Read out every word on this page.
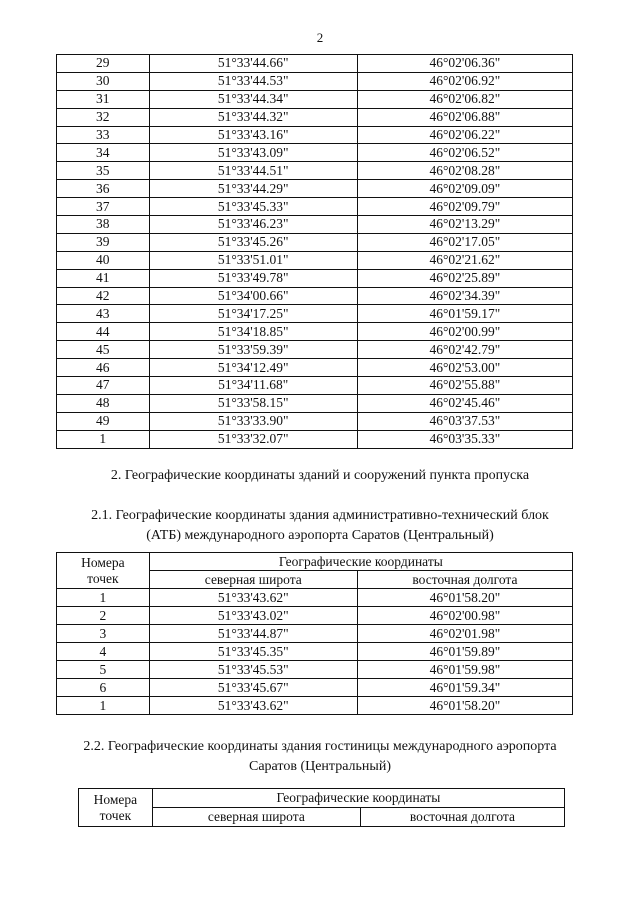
2
29	51°33'44.66"	46°02'06.36"
30	51°33'44.53"	46°02'06.92"
31	51°33'44.34"	46°02'06.82"
32	51°33'44.32"	46°02'06.88"
33	51°33'43.16"	46°02'06.22"
34	51°33'43.09"	46°02'06.52"
35	51°33'44.51"	46°02'08.28"
36	51°33'44.29"	46°02'09.09"
37	51°33'45.33"	46°02'09.79"
38	51°33'46.23"	46°02'13.29"
39	51°33'45.26"	46°02'17.05"
40	51°33'51.01"	46°02'21.62"
41	51°33'49.78"	46°02'25.89"
42	51°34'00.66"	46°02'34.39"
43	51°34'17.25"	46°01'59.17"
44	51°34'18.85"	46°02'00.99"
45	51°33'59.39"	46°02'42.79"
46	51°34'12.49"	46°02'53.00"
47	51°34'11.68"	46°02'55.88"
48	51°33'58.15"	46°02'45.46"
49	51°33'33.90"	46°03'37.53"
1	51°33'32.07"	46°03'35.33"
2. Географические координаты зданий и сооружений пункта пропуска
2.1. Географические координаты здания административно-технический блок
(АТБ) международного аэропорта Саратов (Центральный)
Номера
точек	Географические координаты	
	северная широта	восточная долгота
1	51°33'43.62"	46°01'58.20"
2	51°33'43.02"	46°02'00.98"
3	51°33'44.87"	46°02'01.98"
4	51°33'45.35"	46°01'59.89"
5	51°33'45.53"	46°01'59.98"
6	51°33'45.67"	46°01'59.34"
1	51°33'43.62"	46°01'58.20"
2.2. Географические координаты здания гостиницы международного аэропорта
Саратов (Центральный)
Номера
точек	Географические координаты	
	северная широта	восточная долгота
